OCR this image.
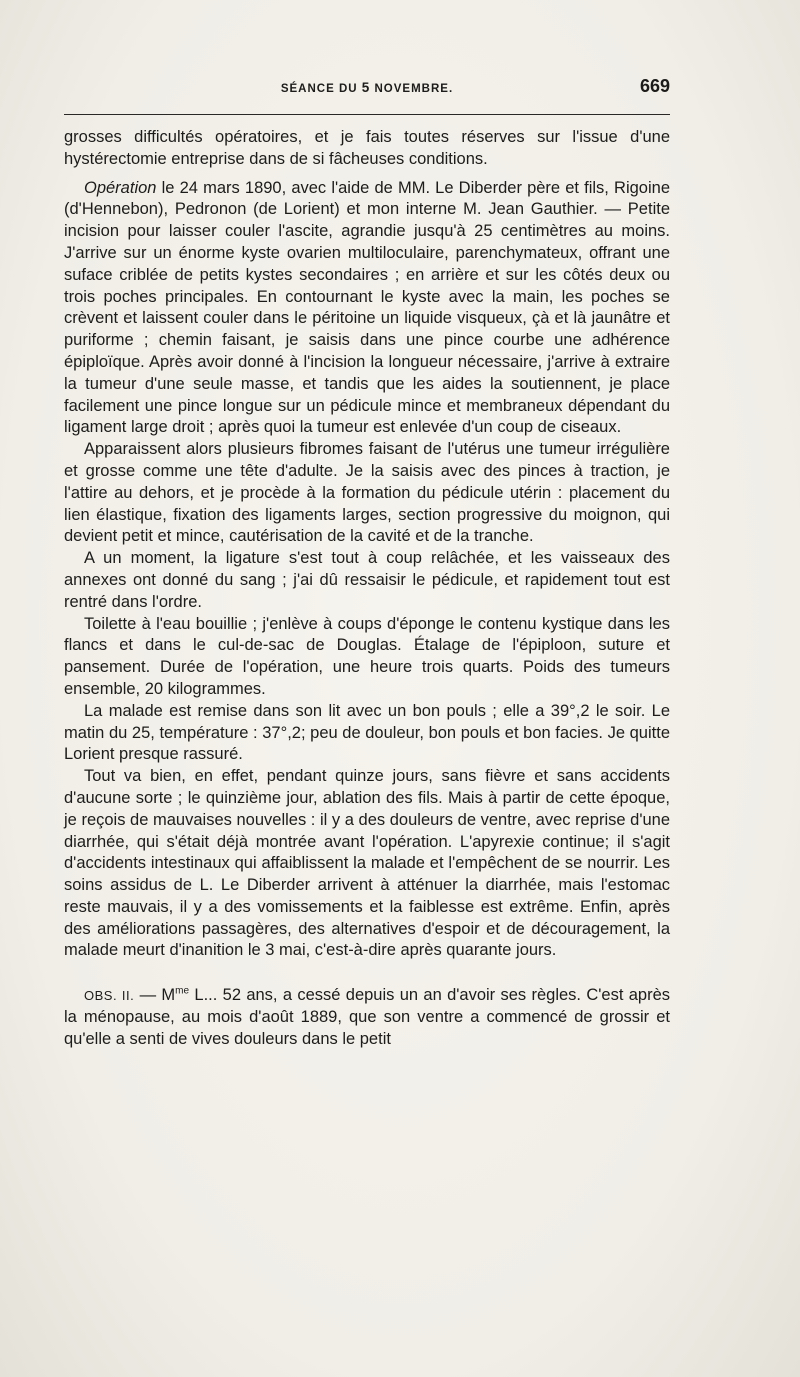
SÉANCE DU 5 NOVEMBRE.	669

grosses difficultés opératoires, et je fais toutes réserves sur l'issue d'une hystérectomie entreprise dans de si fâcheuses conditions.

Opération le 24 mars 1890, avec l'aide de MM. Le Diberder père et fils, Rigoine (d'Hennebon), Pedronon (de Lorient) et mon interne M. Jean Gauthier. — Petite incision pour laisser couler l'ascite, agrandie jusqu'à 25 centimètres au moins. J'arrive sur un énorme kyste ovarien multiloculaire, parenchymateux, offrant une suface criblée de petits kystes secondaires ; en arrière et sur les côtés deux ou trois poches principales. En contournant le kyste avec la main, les poches se crèvent et laissent couler dans le péritoine un liquide visqueux, çà et là jaunâtre et puriforme ; chemin faisant, je saisis dans une pince courbe une adhérence épiploïque. Après avoir donné à l'incision la longueur nécessaire, j'arrive à extraire la tumeur d'une seule masse, et tandis que les aides la soutiennent, je place facilement une pince longue sur un pédicule mince et membraneux dépendant du ligament large droit ; après quoi la tumeur est enlevée d'un coup de ciseaux.

Apparaissent alors plusieurs fibromes faisant de l'utérus une tumeur irrégulière et grosse comme une tête d'adulte. Je la saisis avec des pinces à traction, je l'attire au dehors, et je procède à la formation du pédicule utérin : placement du lien élastique, fixation des ligaments larges, section progressive du moignon, qui devient petit et mince, cautérisation de la cavité et de la tranche.

A un moment, la ligature s'est tout à coup relâchée, et les vaisseaux des annexes ont donné du sang ; j'ai dû ressaisir le pédicule, et rapidement tout est rentré dans l'ordre.

Toilette à l'eau bouillie ; j'enlève à coups d'éponge le contenu kystique dans les flancs et dans le cul-de-sac de Douglas. Étalage de l'épiploon, suture et pansement. Durée de l'opération, une heure trois quarts. Poids des tumeurs ensemble, 20 kilogrammes.

La malade est remise dans son lit avec un bon pouls ; elle a 39°,2 le soir. Le matin du 25, température : 37°,2; peu de douleur, bon pouls et bon facies. Je quitte Lorient presque rassuré.

Tout va bien, en effet, pendant quinze jours, sans fièvre et sans accidents d'aucune sorte ; le quinzième jour, ablation des fils. Mais à partir de cette époque, je reçois de mauvaises nouvelles : il y a des douleurs de ventre, avec reprise d'une diarrhée, qui s'était déjà montrée avant l'opération. L'apyrexie continue; il s'agit d'accidents intestinaux qui affaiblissent la malade et l'empêchent de se nourrir. Les soins assidus de L. Le Diberder arrivent à atténuer la diarrhée, mais l'estomac reste mauvais, il y a des vomissements et la faiblesse est extrême. Enfin, après des améliorations passagères, des alternatives d'espoir et de découragement, la malade meurt d'inanition le 3 mai, c'est-à-dire après quarante jours.

OBS. II. — $M^{me}$ L... 52 ans, a cessé depuis un an d'avoir ses règles. C'est après la ménopause, au mois d'août 1889, que son ventre a commencé de grossir et qu'elle a senti de vives douleurs dans le petit
